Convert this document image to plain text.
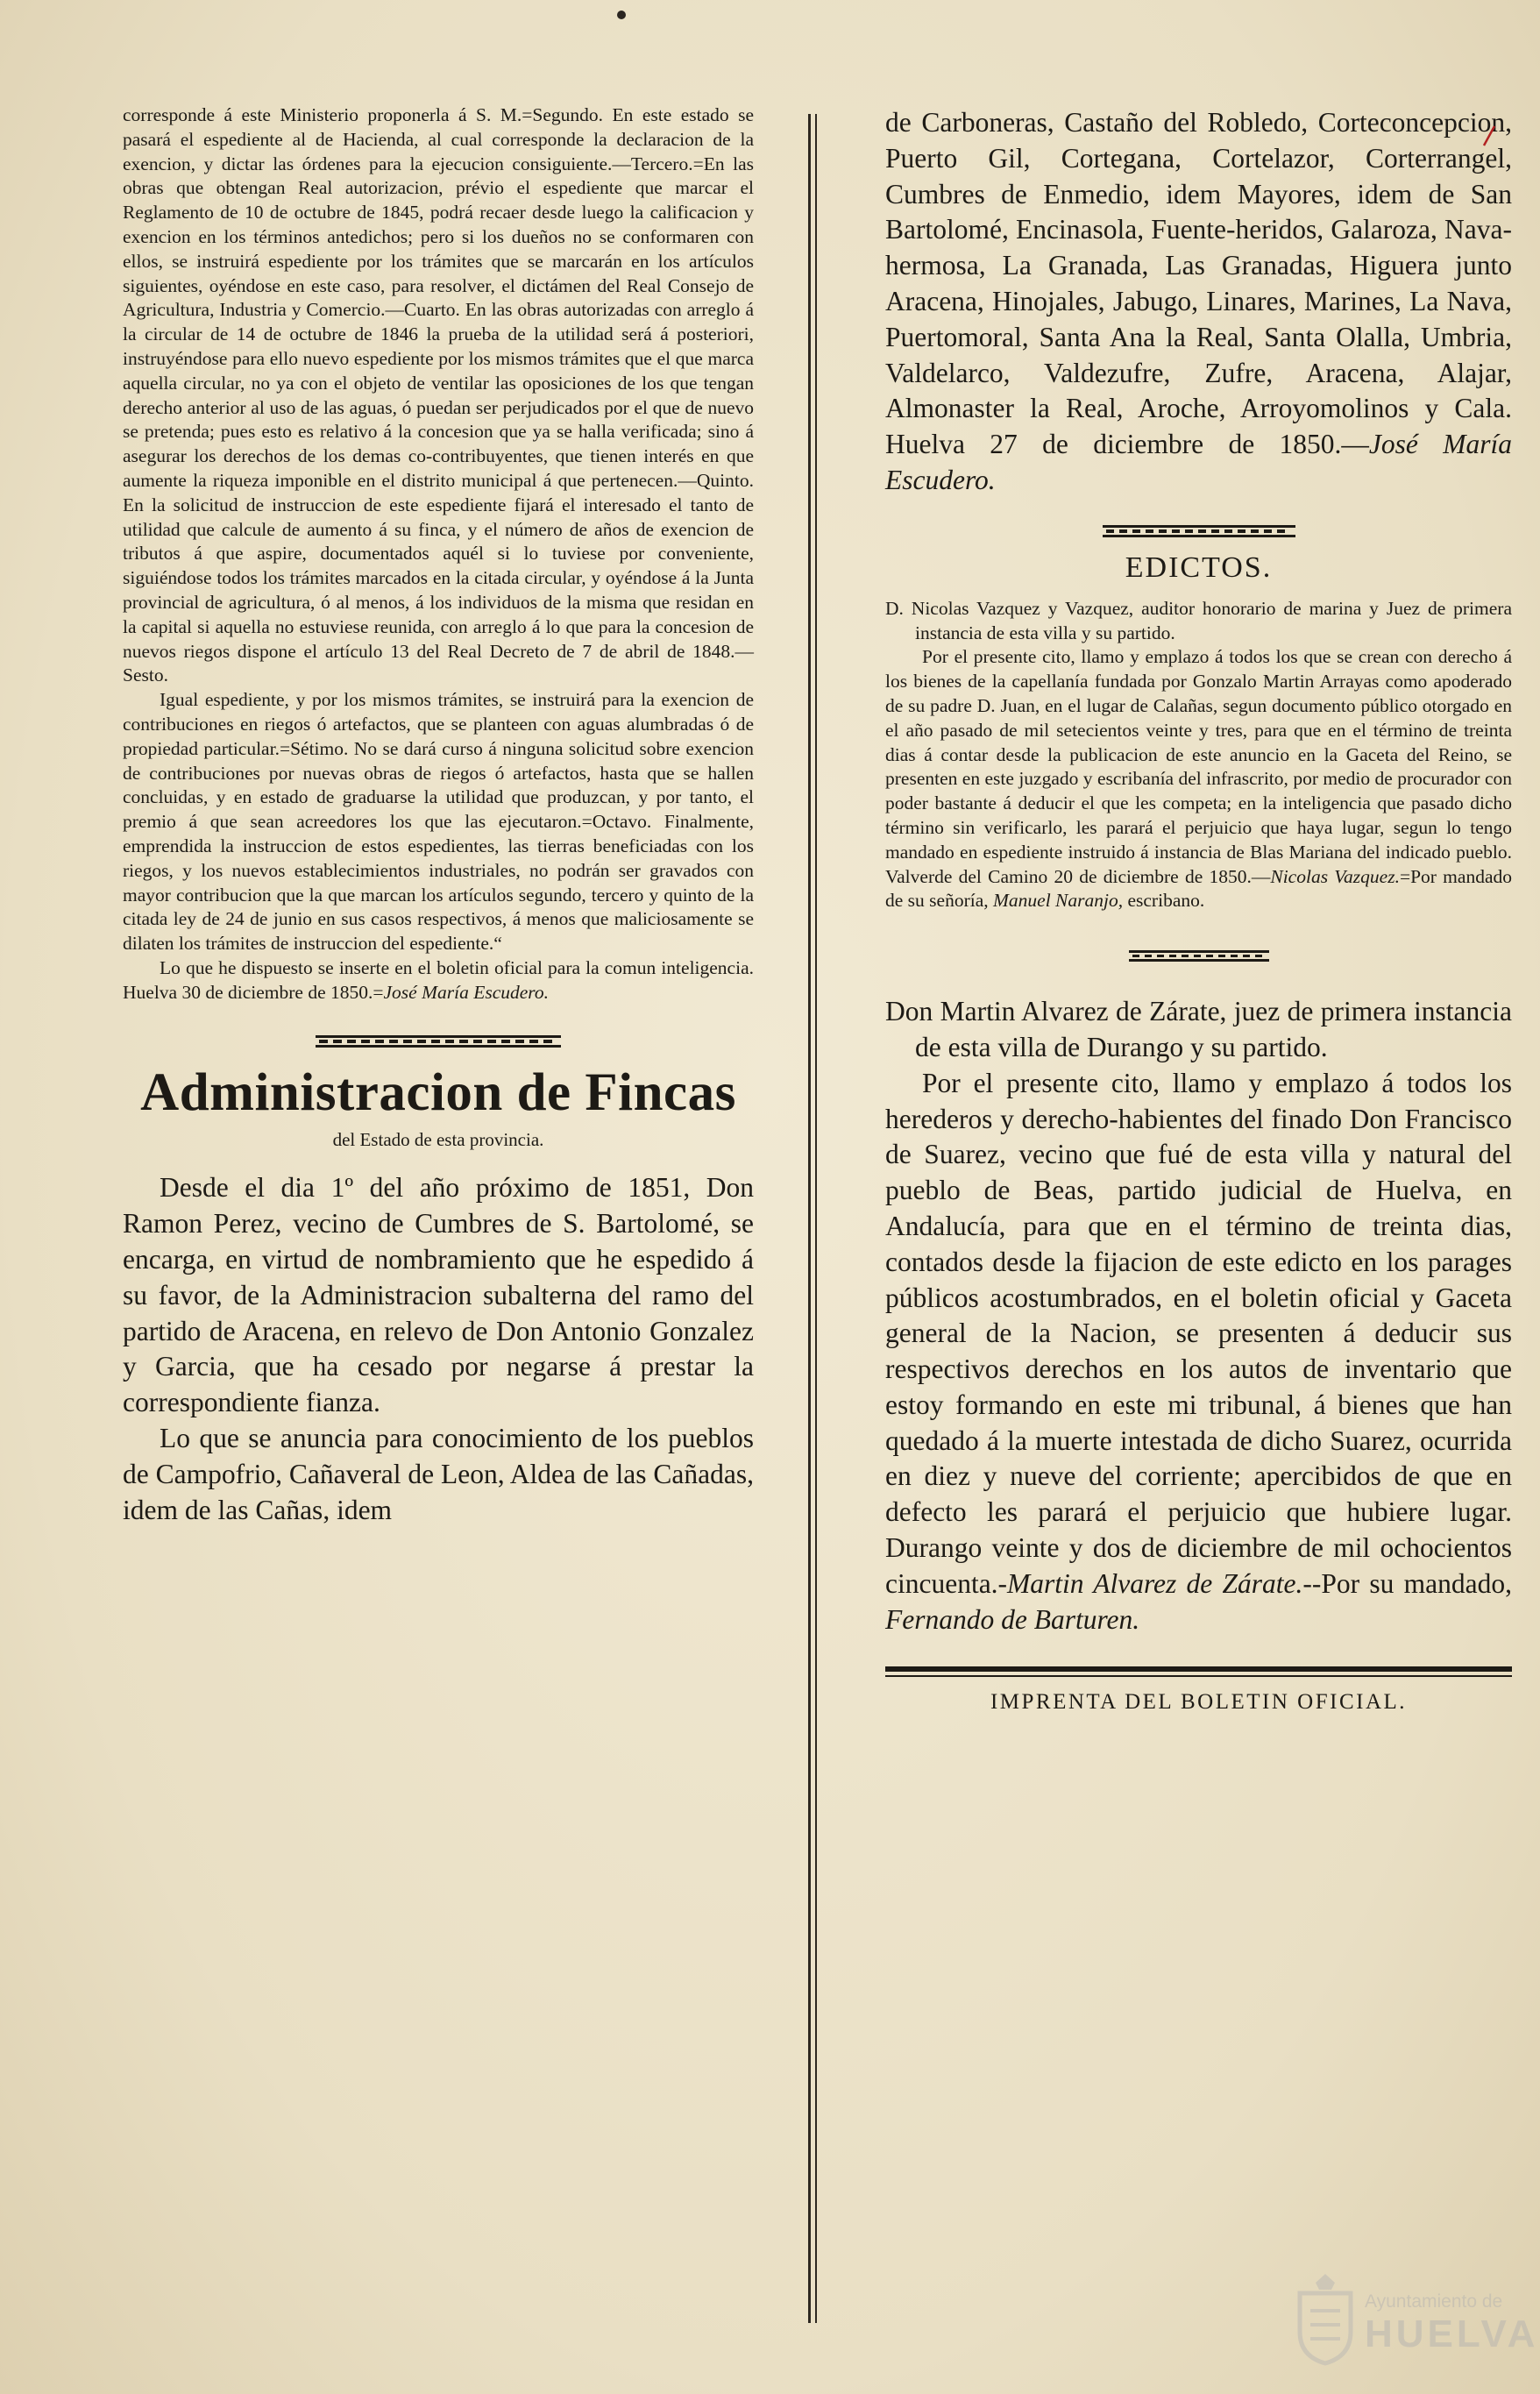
corresponde á este Ministerio proponerla á S. M.=Segundo. En este estado se pasará el espediente al de Hacienda, al cual corresponde la declaracion de la exencion, y dictar las órdenes para la ejecucion consiguiente.—Tercero.=En las obras que obtengan Real autorizacion, prévio el espediente que marcar el Reglamento de 10 de octubre de 1845, podrá recaer desde luego la calificacion y exencion en los términos antedichos; pero si los dueños no se conformaren con ellos, se instruirá espediente por los trámites que se marcarán en los artículos siguientes, oyéndose en este caso, para resolver, el dictámen del Real Consejo de Agricultura, Industria y Comercio.—Cuarto. En las obras autorizadas con arreglo á la circular de 14 de octubre de 1846 la prueba de la utilidad será á posteriori, instruyéndose para ello nuevo espediente por los mismos trámites que el que marca aquella circular, no ya con el objeto de ventilar las oposiciones de los que tengan derecho anterior al uso de las aguas, ó puedan ser perjudicados por el que de nuevo se pretenda; pues esto es relativo á la concesion que ya se halla verificada; sino á asegurar los derechos de los demas co-contribuyentes, que tienen interés en que aumente la riqueza imponible en el distrito municipal á que pertenecen.—Quinto. En la solicitud de instruccion de este espediente fijará el interesado el tanto de utilidad que calcule de aumento á su finca, y el número de años de exencion de tributos á que aspire, documentados aquél si lo tuviese por conveniente, siguiéndose todos los trámites marcados en la citada circular, y oyéndose á la Junta provincial de agricultura, ó al menos, á los individuos de la misma que residan en la capital si aquella no estuviese reunida, con arreglo á lo que para la concesion de nuevos riegos dispone el artículo 13 del Real Decreto de 7 de abril de 1848.—Sesto.

Igual espediente, y por los mismos trámites, se instruirá para la exencion de contribuciones en riegos ó artefactos, que se planteen con aguas alumbradas ó de propiedad particular.=Sétimo. No se dará curso á ninguna solicitud sobre exencion de contribuciones por nuevas obras de riegos ó artefactos, hasta que se hallen concluidas, y en estado de graduarse la utilidad que produzcan, y por tanto, el premio á que sean acreedores los que las ejecutaron.=Octavo. Finalmente, emprendida la instruccion de estos espedientes, las tierras beneficiadas con los riegos, y los nuevos establecimientos industriales, no podrán ser gravados con mayor contribucion que la que marcan los artículos segundo, tercero y quinto de la citada ley de 24 de junio en sus casos respectivos, á menos que maliciosamente se dilaten los trámites de instruccion del espediente.“

Lo que he dispuesto se inserte en el boletin oficial para la comun inteligencia. Huelva 30 de diciembre de 1850.=José María Escudero.

Administracion de Fincas
del Estado de esta provincia.

Desde el dia 1º del año próximo de 1851, Don Ramon Perez, vecino de Cumbres de S. Bartolomé, se encarga, en virtud de nombramiento que he espedido á su favor, de la Administracion subalterna del ramo del partido de Aracena, en relevo de Don Antonio Gonzalez y Garcia, que ha cesado por negarse á prestar la correspondiente fianza.

Lo que se anuncia para conocimiento de los pueblos de Campofrio, Cañaveral de Leon, Aldea de las Cañadas, idem de las Cañas, idem

de Carboneras, Castaño del Robledo, Corteconcepcion, Puerto Gil, Cortegana, Cortelazor, Corterrangel, Cumbres de Enmedio, idem Mayores, idem de San Bartolomé, Encinasola, Fuente-heridos, Galaroza, Nava-hermosa, La Granada, Las Granadas, Higuera junto Aracena, Hinojales, Jabugo, Linares, Marines, La Nava, Puertomoral, Santa Ana la Real, Santa Olalla, Umbria, Valdelarco, Valdezufre, Zufre, Aracena, Alajar, Almonaster la Real, Aroche, Arroyomolinos y Cala. Huelva 27 de diciembre de 1850.—José María Escudero.

EDICTOS.

D. Nicolas Vazquez y Vazquez, auditor honorario de marina y Juez de primera instancia de esta villa y su partido.

Por el presente cito, llamo y emplazo á todos los que se crean con derecho á los bienes de la capellanía fundada por Gonzalo Martin Arrayas como apoderado de su padre D. Juan, en el lugar de Calañas, segun documento público otorgado en el año pasado de mil setecientos veinte y tres, para que en el término de treinta dias á contar desde la publicacion de este anuncio en la Gaceta del Reino, se presenten en este juzgado y escribanía del infrascrito, por medio de procurador con poder bastante á deducir el que les competa; en la inteligencia que pasado dicho término sin verificarlo, les parará el perjuicio que haya lugar, segun lo tengo mandado en espediente instruido á instancia de Blas Mariana del indicado pueblo. Valverde del Camino 20 de diciembre de 1850.—Nicolas Vazquez.=Por mandado de su señoría, Manuel Naranjo, escribano.

Don Martin Alvarez de Zárate, juez de primera instancia de esta villa de Durango y su partido.

Por el presente cito, llamo y emplazo á todos los herederos y derecho-habientes del finado Don Francisco de Suarez, vecino que fué de esta villa y natural del pueblo de Beas, partido judicial de Huelva, en Andalucía, para que en el término de treinta dias, contados desde la fijacion de este edicto en los parages públicos acostumbrados, en el boletin oficial y Gaceta general de la Nacion, se presenten á deducir sus respectivos derechos en los autos de inventario que estoy formando en este mi tribunal, á bienes que han quedado á la muerte intestada de dicho Suarez, ocurrida en diez y nueve del corriente; apercibidos de que en defecto les parará el perjuicio que hubiere lugar. Durango veinte y dos de diciembre de mil ochocientos cincuenta.-Martin Alvarez de Zárate.--Por su mandado, Fernando de Barturen.

IMPRENTA DEL BOLETIN OFICIAL.
Ayuntamiento de
HUELVA
